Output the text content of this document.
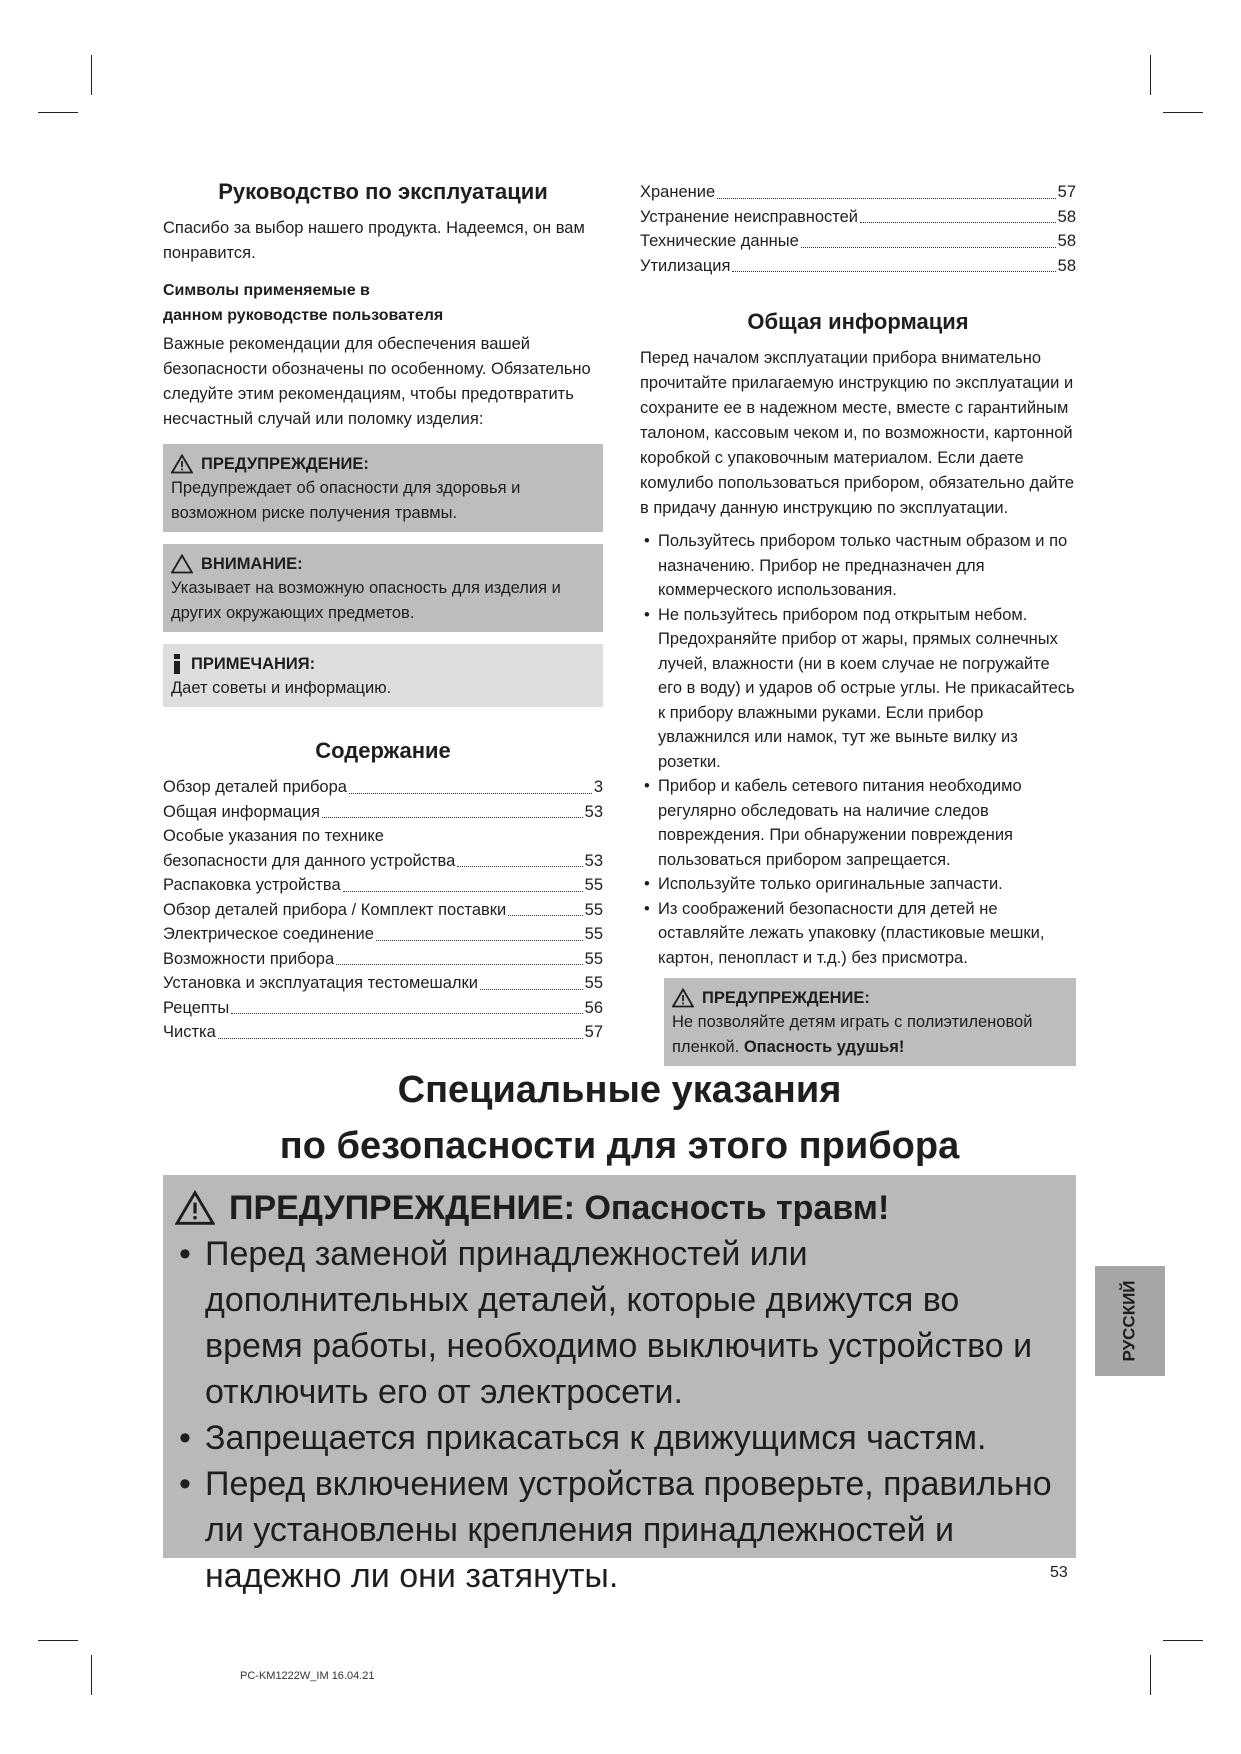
Руководство по эксплуатации

Спасибо за выбор нашего продукта. Надеемся, он вам понравится.

Символы применяемые в
данном руководстве пользователя

Важные рекомендации для обеспечения вашей безопасности обозначены по особенному. Обязательно следуйте этим рекомендациям, чтобы предотвратить несчастный случай или поломку изделия:

ПРЕДУПРЕЖДЕНИЕ:
Предупреждает об опасности для здоровья и возможном риске получения травмы.
ВНИМАНИЕ:
Указывает на возможную опасность для изделия и других окружающих предметов.
ПРИМЕЧАНИЯ:
Дает советы и информацию.
Содержание
Обзор деталей прибора	3
Общая информация	53
Особые указания по технике
безопасности для данного устройства	53
Распаковка устройства	55
Обзор деталей прибора / Комплект поставки	55
Электрическое соединение	55
Возможности прибора	55
Установка и эксплуатация тестомешалки	55
Рецепты	56
Чистка	57
Хранение	57
Устранение неисправностей	58
Технические данные	58
Утилизация	58
Общая информация

Перед началом эксплуатации прибора внимательно прочитайте прилагаемую инструкцию по эксплуатации и сохраните ее в надежном месте, вместе с гарантийным талоном, кассовым чеком и, по возможности, картонной коробкой с упаковочным материалом. Если даете комулибо попользоваться прибором, обязательно дайте в придачу данную инструкцию по эксплуатации.

• Пользуйтесь прибором только частным образом и по назначению. Прибор не предназначен для коммерческого использования.
• Не пользуйтесь прибором под открытым небом. Предохраняйте прибор от жары, прямых солнечных лучей, влажности (ни в коем случае не погружайте его в воду) и ударов об острые углы. Не прикасайтесь к прибору влажными руками. Если прибор увлажнился или намок, тут же выньте вилку из розетки.
• Прибор и кабель сетевого питания необходимо регулярно обследовать на наличие следов повреждения. При обнаружении повреждения пользоваться прибором запрещается.
• Используйте только оригинальные запчасти.
• Из соображений безопасности для детей не оставляйте лежать упаковку (пластиковые мешки, картон, пенопласт и т.д.) без присмотра.
ПРЕДУПРЕЖДЕНИЕ:
Не позволяйте детям играть с полиэтиленовой пленкой. Опасность удушья!
Специальные указания
по безопасности для этого прибора
ПРЕДУПРЕЖДЕНИЕ: Опасность травм!
• Перед заменой принадлежностей или дополнительных деталей, которые движутся во время работы, необходимо выключить устройство и отключить его от электросети.
• Запрещается прикасаться к движущимся частям.
• Перед включением устройства проверьте, правильно ли установлены крепления принадлежностей и надежно ли они затянуты.
РУССКИЙ
53
PC-KM1222W_IM 16.04.21
